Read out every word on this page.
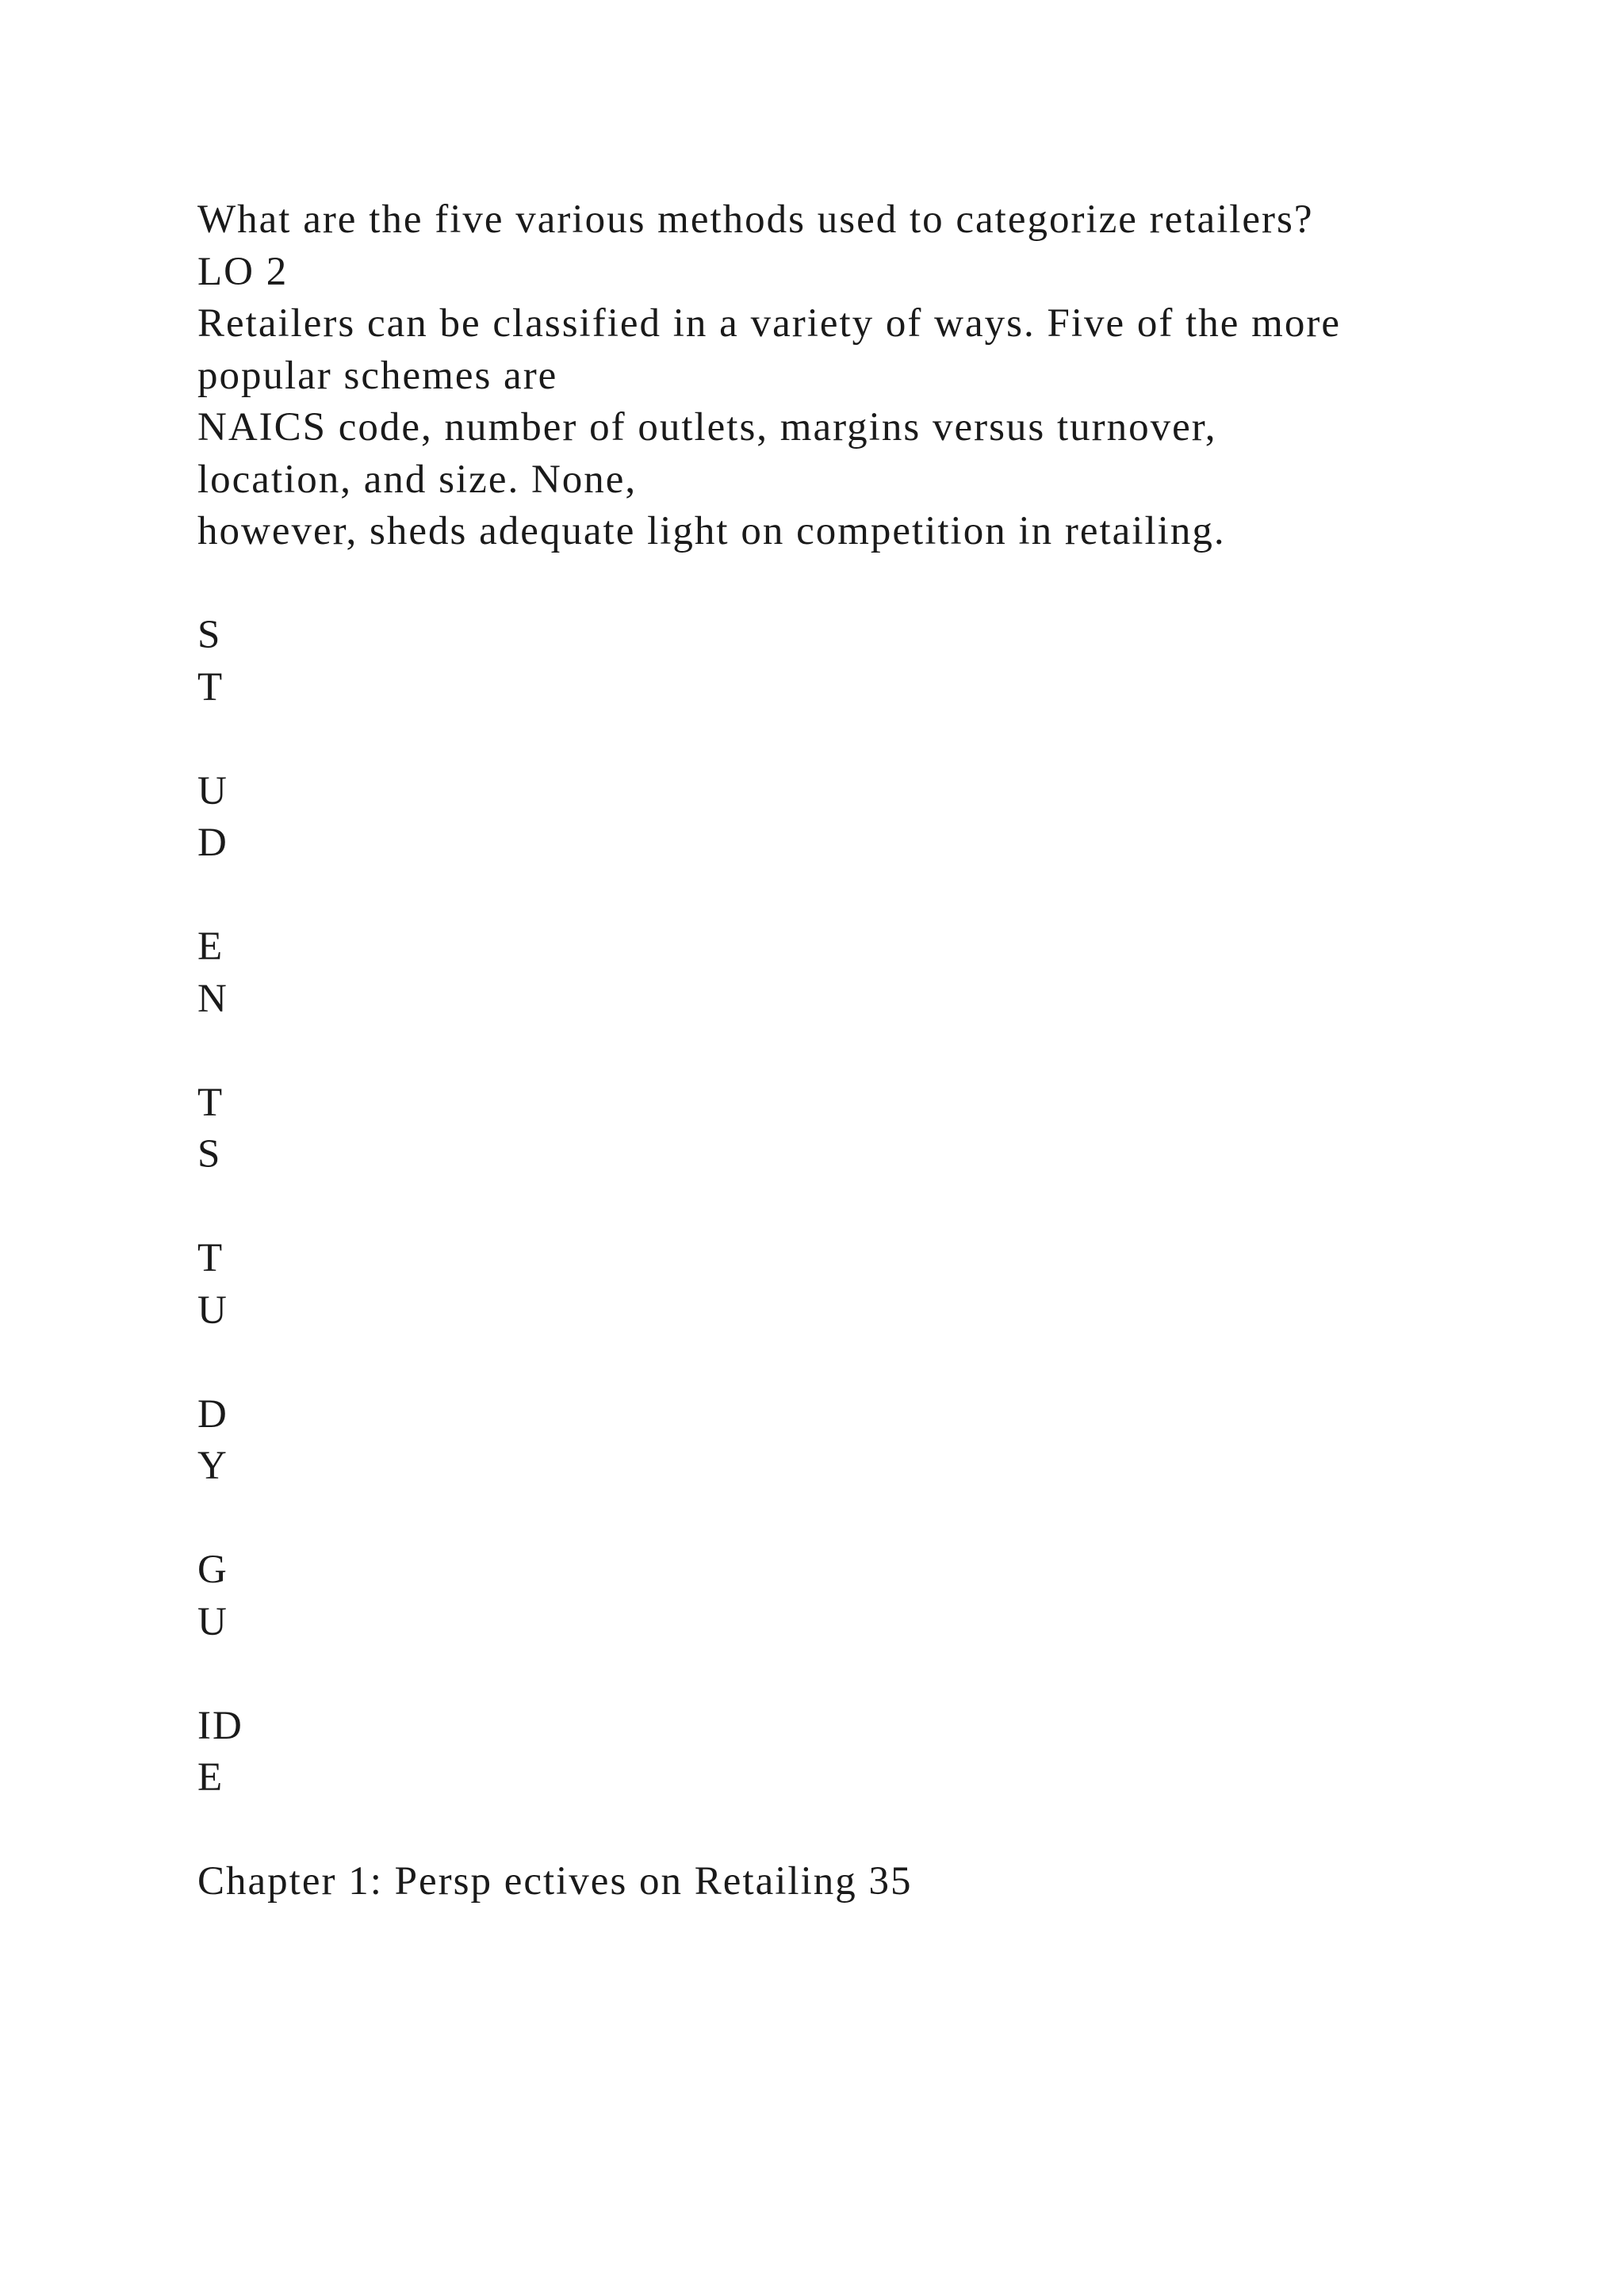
What are the five various methods used to categorize retailers?
LO 2
Retailers can be classified in a variety of ways. Five of the more
popular schemes are
NAICS code, number of outlets, margins versus turnover,
location, and size. None,
however, sheds adequate light on competition in retailing.
S
T
U
D
E
N
T
S
T
U
D
Y
G
U
ID
E
Chapter 1: Persp ectives on Retailing 35
